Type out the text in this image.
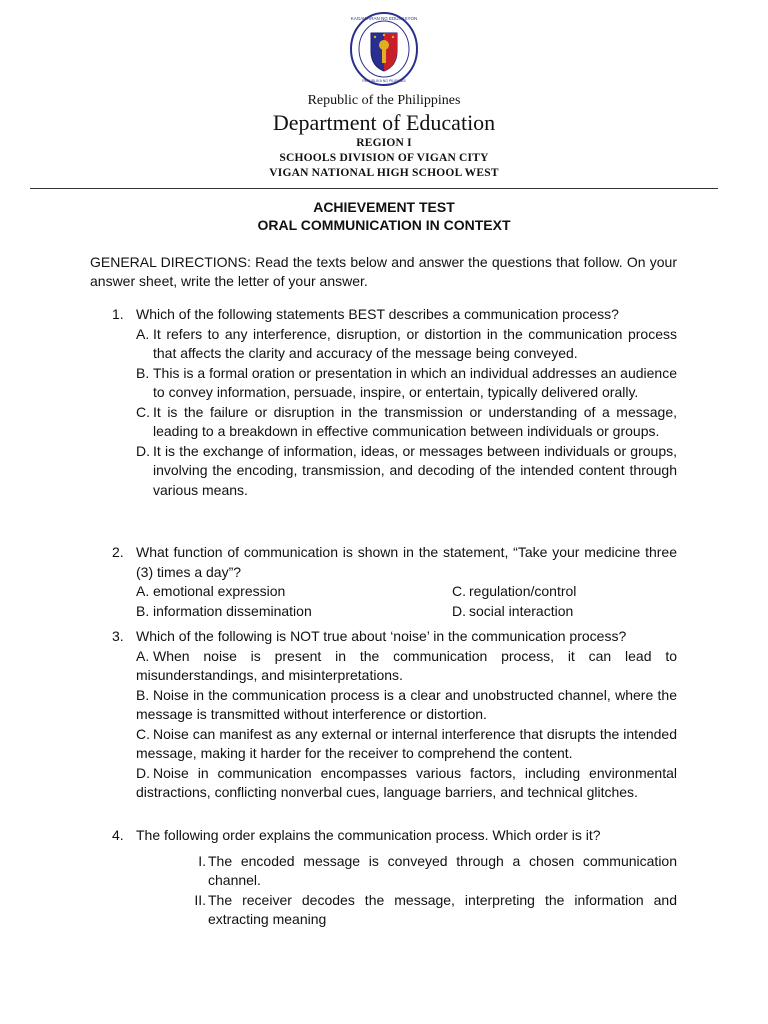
KAGAWARAN NG EDUKASYON
REPUBLIKA NG PILIPINAS
Republic of the Philippines
Department of Education
REGION I
SCHOOLS DIVISION OF VIGAN CITY
VIGAN NATIONAL HIGH SCHOOL WEST
ACHIEVEMENT TEST
ORAL COMMUNICATION IN CONTEXT
GENERAL DIRECTIONS: Read the texts below and answer the questions that follow. On your answer sheet, write the letter of your answer.
1. Which of the following statements BEST describes a communication process?
A. It refers to any interference, disruption, or distortion in the communication process that affects the clarity and accuracy of the message being conveyed.
B. This is a formal oration or presentation in which an individual addresses an audience to convey information, persuade, inspire, or entertain, typically delivered orally.
C. It is the failure or disruption in the transmission or understanding of a message, leading to a breakdown in effective communication between individuals or groups.
D. It is the exchange of information, ideas, or messages between individuals or groups, involving the encoding, transmission, and decoding of the intended content through various means.
2. What function of communication is shown in the statement, “Take your medicine three (3) times a day”?
A. emotional expression	C. regulation/control
B. information dissemination	D. social interaction
3. Which of the following is NOT true about ‘noise’ in the communication process?
A. When noise is present in the communication process, it can lead to misunderstandings, and misinterpretations.
B. Noise in the communication process is a clear and unobstructed channel, where the message is transmitted without interference or distortion.
C. Noise can manifest as any external or internal interference that disrupts the intended message, making it harder for the receiver to comprehend the content.
D. Noise in communication encompasses various factors, including environmental distractions, conflicting nonverbal cues, language barriers, and technical glitches.
4. The following order explains the communication process. Which order is it?
I. The encoded message is conveyed through a chosen communication channel.
II. The receiver decodes the message, interpreting the information and extracting meaning
